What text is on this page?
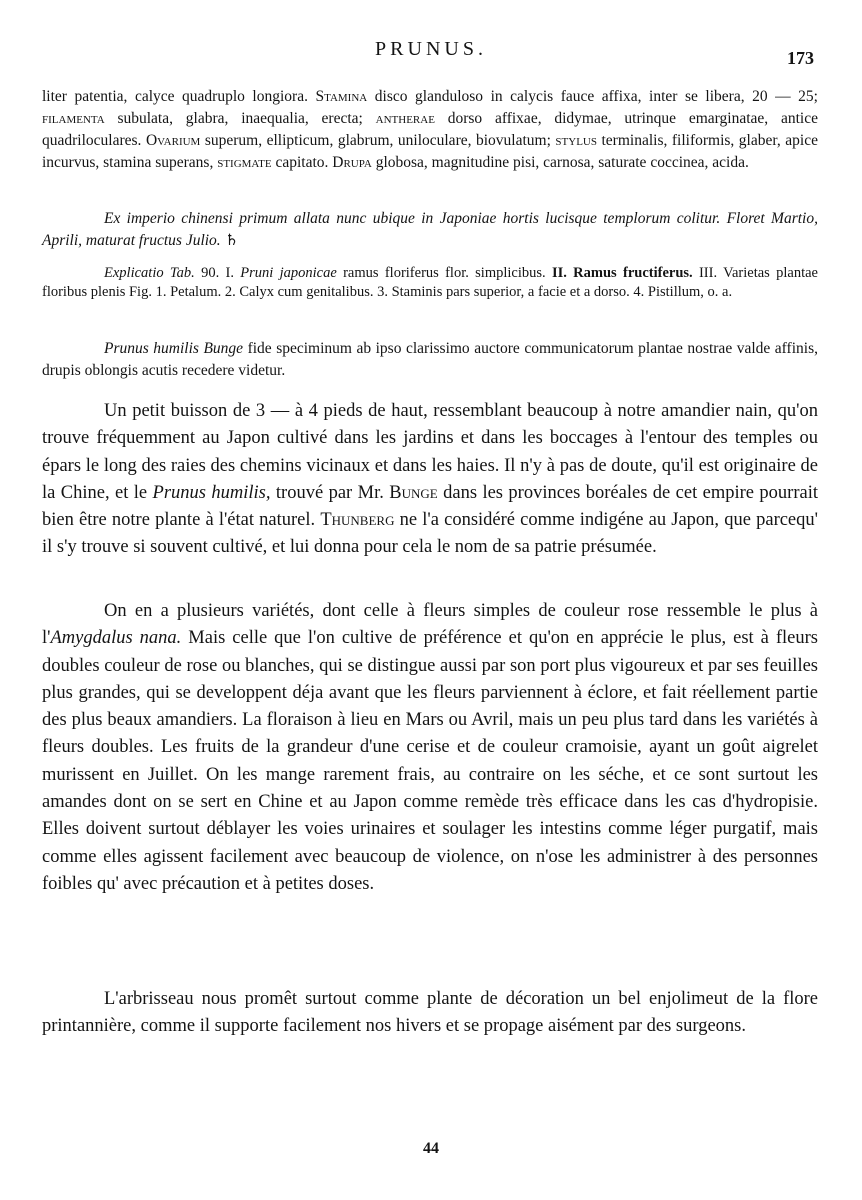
PRUNUS.	173
liter patentia, calyce quadruplo longiora. Stamina disco glanduloso in calycis fauce affixa, inter se libera, 20 — 25; filamenta subulata, glabra, inaequalia, erecta; antherae dorso affixae, didymae, utrinque emarginatae, antice quadriloculares. Ovarium superum, ellipticum, glabrum, uniloculare, biovulatum; stylus terminalis, filiformis, glaber, apice incurvus, stamina superans, stigmate capitato. Drupa globosa, magnitudine pisi, carnosa, saturate coccinea, acida.
Ex imperio chinensi primum allata nunc ubique in Japoniae hortis lucisque templorum colitur. Floret Martio, Aprili, maturat fructus Julio. ♄
Explicatio Tab. 90. I. Pruni japonicae ramus floriferus flor. simplicibus. II. Ramus fructiferus. III. Varietas plantae floribus plenis Fig. 1. Petalum. 2. Calyx cum genitalibus. 3. Staminis pars superior, a facie et a dorso. 4. Pistillum, o. a.
Prunus humilis Bunge fide speciminum ab ipso clarissimo auctore communicatorum plantae nostrae valde affinis, drupis oblongis acutis recedere videtur.
Un petit buisson de 3 — à 4 pieds de haut, ressemblant beaucoup à notre amandier nain, qu'on trouve fréquemment au Japon cultivé dans les jardins et dans les boccages à l'entour des temples ou épars le long des raies des chemins vicinaux et dans les haies. Il n'y à pas de doute, qu'il est originaire de la Chine, et le Prunus humilis, trouvé par Mr. Bunge dans les provinces boréales de cet empire pourrait bien être notre plante à l'état naturel. Thunberg ne l'a considéré comme indigéne au Japon, que parcequ' il s'y trouve si souvent cultivé, et lui donna pour cela le nom de sa patrie présumée.
On en a plusieurs variétés, dont celle à fleurs simples de couleur rose ressemble le plus à l'Amygdalus nana. Mais celle que l'on cultive de préférence et qu'on en apprécie le plus, est à fleurs doubles couleur de rose ou blanches, qui se distingue aussi par son port plus vigoureux et par ses feuilles plus grandes, qui se developpent déja avant que les fleurs parviennent à éclore, et fait réellement partie des plus beaux amandiers. La floraison à lieu en Mars ou Avril, mais un peu plus tard dans les variétés à fleurs doubles. Les fruits de la grandeur d'une cerise et de couleur cramoisie, ayant un goût aigrelet murissent en Juillet. On les mange rarement frais, au contraire on les séche, et ce sont surtout les amandes dont on se sert en Chine et au Japon comme remède très efficace dans les cas d'hydropisie. Elles doivent surtout déblayer les voies urinaires et soulager les intestins comme léger purgatif, mais comme elles agissent facilement avec beaucoup de violence, on n'ose les administrer à des personnes foibles qu' avec précaution et à petites doses.
L'arbrisseau nous promêt surtout comme plante de décoration un bel enjolimeut de la flore printannière, comme il supporte facilement nos hivers et se propage aisément par des surgeons.
44
